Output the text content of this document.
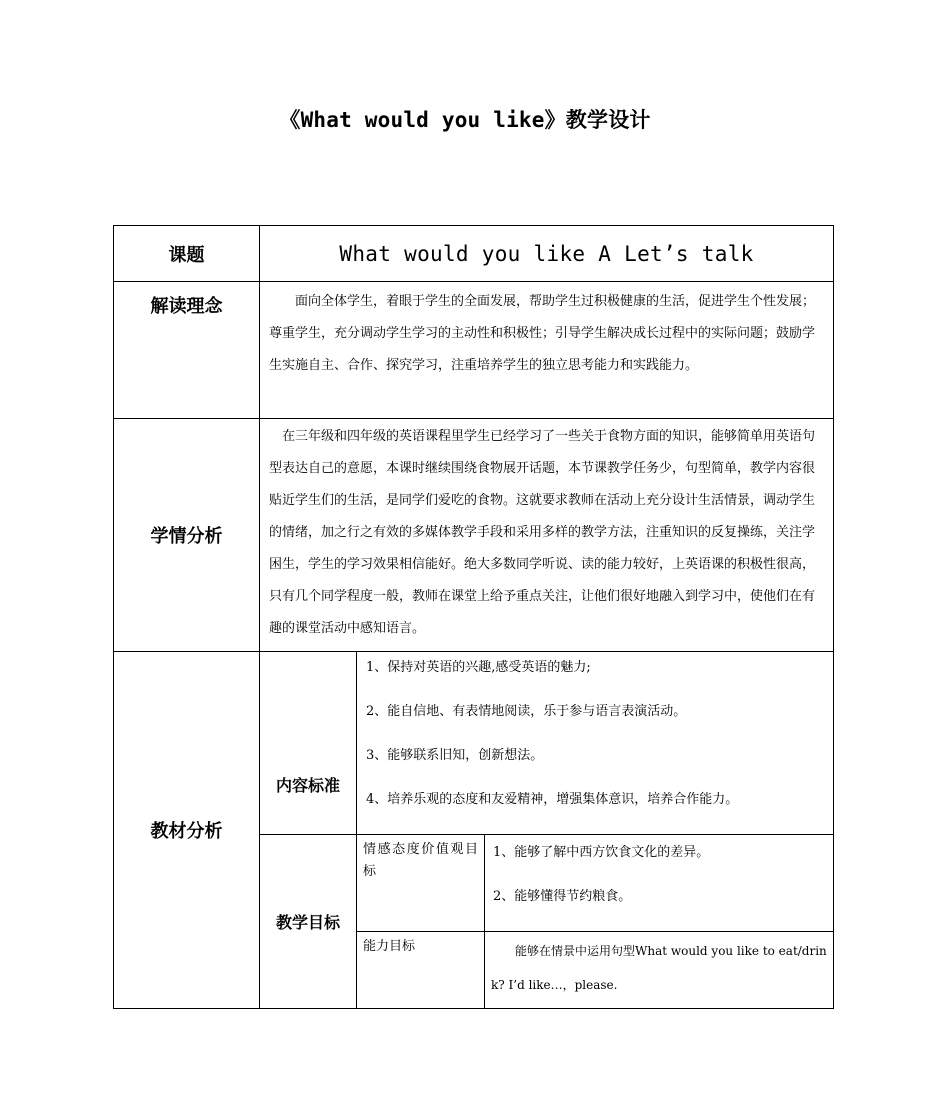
《What would you like》教学设计
课题	What would you like A Let’s talk		
解读理念	面向全体学生，着眼于学生的全面发展，帮助学生过积极健康的生活，促进学生个性发展；尊重学生，充分调动学生学习的主动性和积极性；引导学生解决成长过程中的实际问题；鼓励学生实施自主、合作、探究学习，注重培养学生的独立思考能力和实践能力。		
学情分析	在三年级和四年级的英语课程里学生已经学习了一些关于食物方面的知识，能够简单用英语句型表达自己的意愿，本课时继续围绕食物展开话题，本节课教学任务少，句型简单，教学内容很贴近学生们的生活，是同学们爱吃的食物。这就要求教师在活动上充分设计生活情景，调动学生的情绪，加之行之有效的多媒体教学手段和采用多样的教学方法，注重知识的反复操练，关注学困生，学生的学习效果相信能好。绝大多数同学听说、读的能力较好，上英语课的积极性很高，只有几个同学程度一般，教师在课堂上给予重点关注，让他们很好地融入到学习中，使他们在有趣的课堂活动中感知语言。		
教材分析	内容标准	1、保持对英语的兴趣,感受英语的魅力;
2、能自信地、有表情地阅读，乐于参与语言表演活动。
3、能够联系旧知，创新想法。
4、培养乐观的态度和友爱精神，增强集体意识，培养合作能力。	

	教学目标	情感态度价值观目标	1、能够了解中西方饮食文化的差异。
2、能够懂得节约粮食。

		能力目标	能够在情景中运用句型What would you like to eat/drink? I’d like…，please.
